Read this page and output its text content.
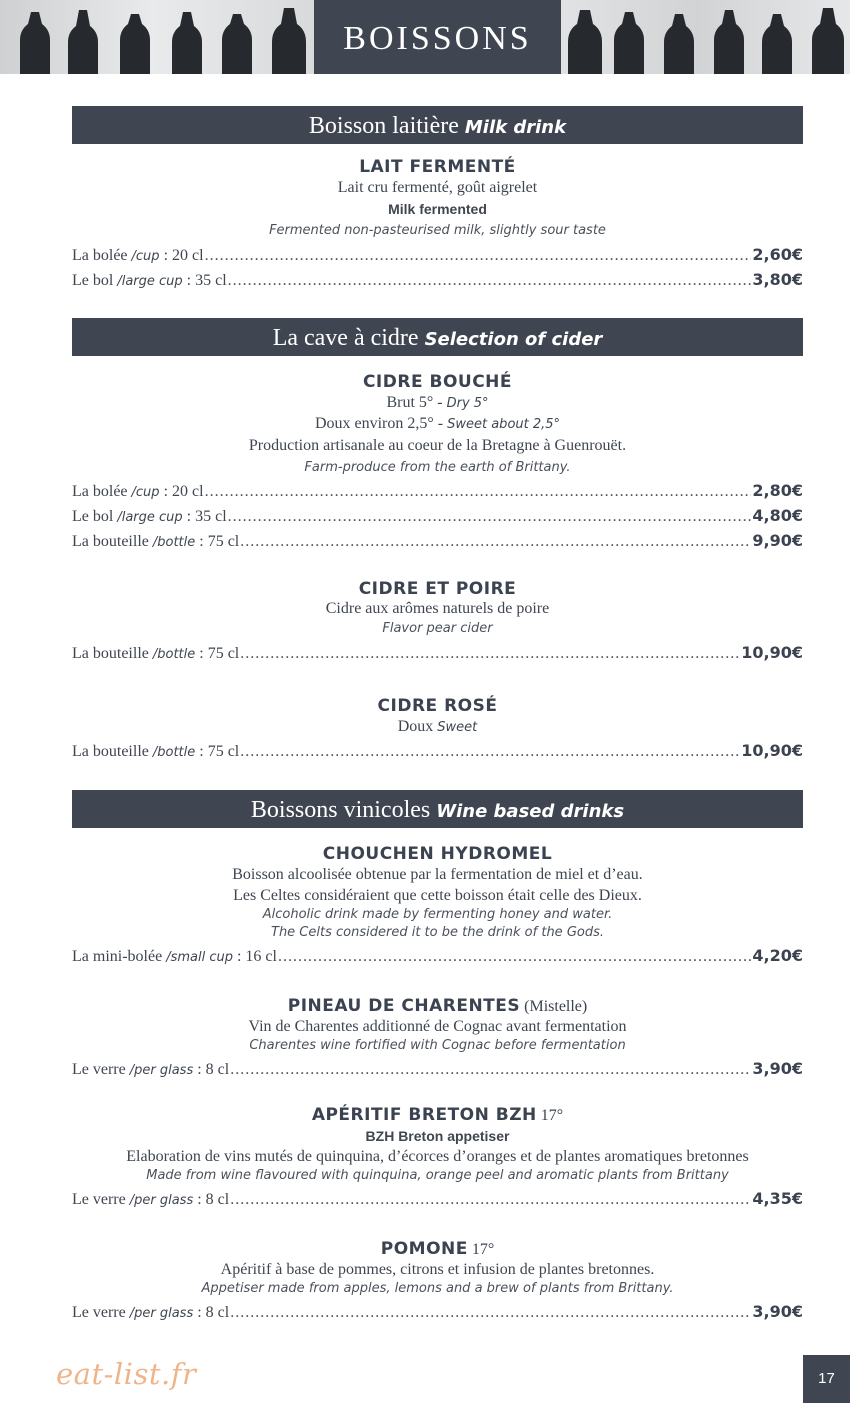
BOISSONS
Boisson laitière Milk drink
LAIT FERMENTÉ
Lait cru fermenté, goût aigrelet
Milk fermented
Fermented non-pasteurised milk, slightly sour taste
La bolée /cup : 20 cl .....	2,60€
Le bol /large cup : 35 cl .....	3,80€
La cave à cidre Selection of cider
CIDRE BOUCHÉ
Brut 5° - Dry 5°
Doux environ 2,5° - Sweet about 2,5°
Production artisanale au coeur de la Bretagne à Guenrouët.
Farm-produce from the earth of Brittany.
La bolée /cup : 20 cl .....	2,80€
Le bol /large cup : 35 cl .....	4,80€
La bouteille /bottle : 75 cl .....	9,90€
CIDRE ET POIRE
Cidre aux arômes naturels de poire
Flavor pear cider
La bouteille /bottle : 75 cl .....	10,90€
CIDRE ROSÉ
Doux Sweet
La bouteille /bottle : 75 cl .....	10,90€
Boissons vinicoles Wine based drinks
CHOUCHEN HYDROMEL
Boisson alcoolisée obtenue par la fermentation de miel et d’eau.
Les Celtes considéraient que cette boisson était celle des Dieux.
Alcoholic drink made by fermenting honey and water.
The Celts considered it to be the drink of the Gods.
La mini-bolée /small cup : 16 cl .....	4,20€
PINEAU DE CHARENTES (Mistelle)
Vin de Charentes additionné de Cognac avant fermentation
Charentes wine fortified with Cognac before fermentation
Le verre /per glass : 8 cl .....	3,90€
APÉRITIF BRETON BZH 17°
BZH Breton appetiser
Elaboration de vins mutés de quinquina, d’écorces d’oranges et de plantes aromatiques bretonnes
Made from wine flavoured with quinquina, orange peel and aromatic plants from Brittany
Le verre /per glass : 8 cl .....	4,35€
POMONE 17°
Apéritif à base de pommes, citrons et infusion de plantes bretonnes.
Appetiser made from apples, lemons and a brew of plants from Brittany.
Le verre /per glass : 8 cl .....	3,90€
eat-list.fr	17
